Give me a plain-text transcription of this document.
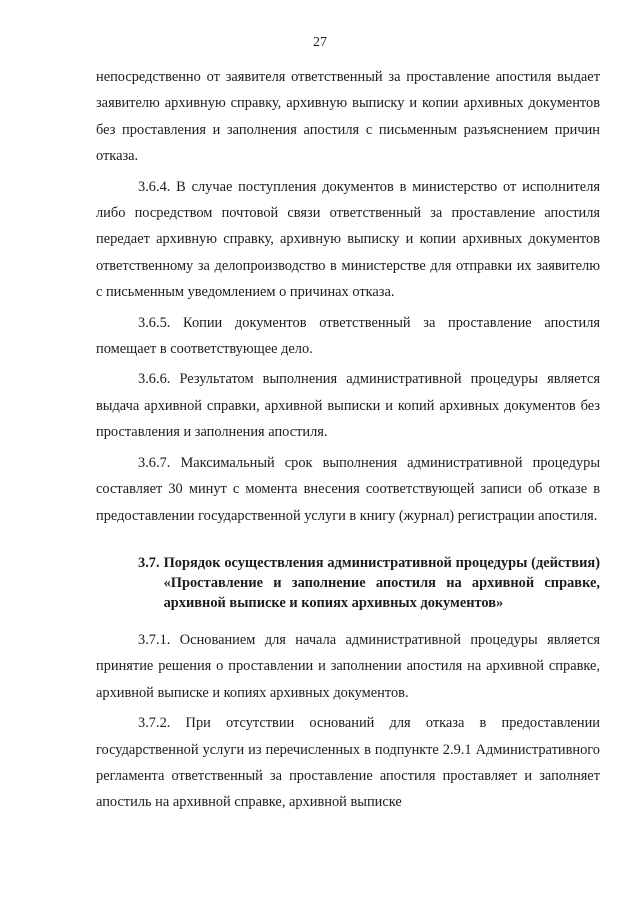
27

непосредственно от заявителя ответственный за проставление апостиля выдает заявителю архивную справку, архивную выписку и копии архивных документов без проставления и заполнения апостиля с письменным разъяснением причин отказа.

3.6.4. В случае поступления документов в министерство от исполнителя либо посредством почтовой связи ответственный за проставление апостиля передает архивную справку, архивную выписку и копии архивных документов ответственному за делопроизводство в министерстве для отправки их заявителю с письменным уведомлением о причинах отказа.

3.6.5. Копии документов ответственный за проставление апостиля помещает в соответствующее дело.

3.6.6. Результатом выполнения административной процедуры является выдача архивной справки, архивной выписки и копий архивных документов без проставления и заполнения апостиля.

3.6.7. Максимальный срок выполнения административной процедуры составляет 30 минут с момента внесения соответствующей записи об отказе в предоставлении государственной услуги в книгу (журнал) регистрации апостиля.

3.7. Порядок осуществления административной процедуры (действия) «Проставление и заполнение апостиля на архивной справке, архивной выписке и копиях архивных документов»

3.7.1. Основанием для начала административной процедуры является принятие решения о проставлении и заполнении апостиля на архивной справке, архивной выписке и копиях архивных документов.

3.7.2. При отсутствии оснований для отказа в предоставлении государственной услуги из перечисленных в подпункте 2.9.1 Административного регламента ответственный за проставление апостиля проставляет и заполняет апостиль на архивной справке, архивной выписке
